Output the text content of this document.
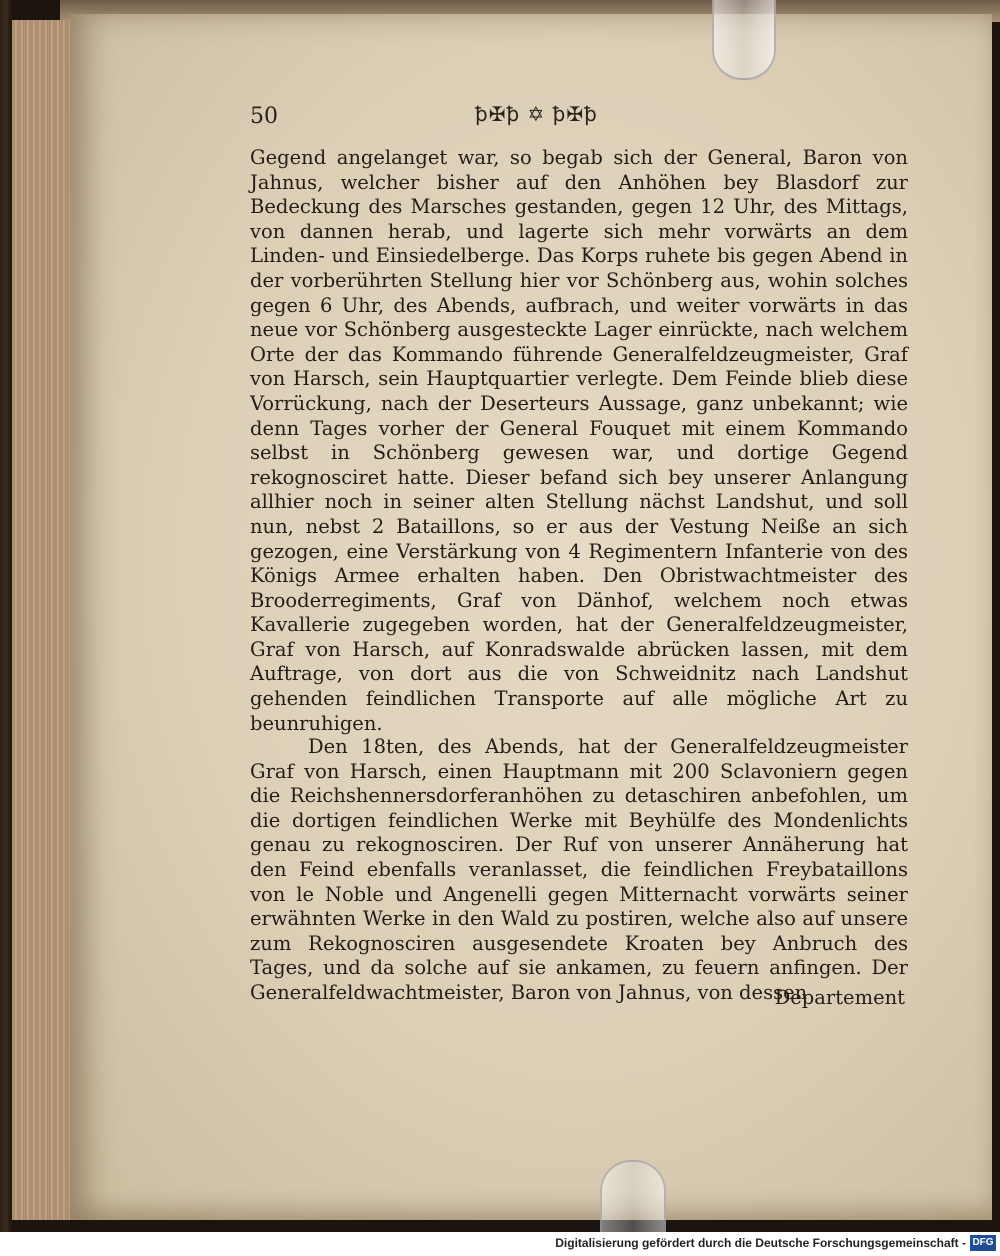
50	ꝥ✠ꝥ ✡ ꝥ✠ꝥ
Gegend angelanget war, so begab sich der General, Baron von Jahnus, welcher bisher auf den Anhöhen bey Blasdorf zur Bedeckung des Marsches gestanden, gegen 12 Uhr, des Mittags, von dannen herab, und lagerte sich mehr vorwärts an dem Linden- und Einsiedelberge. Das Korps ruhete bis gegen Abend in der vorberührten Stellung hier vor Schönberg aus, wohin solches gegen 6 Uhr, des Abends, aufbrach, und weiter vorwärts in das neue vor Schönberg ausgesteckte Lager einrückte, nach welchem Orte der das Kommando führende Generalfeldzeugmeister, Graf von Harsch, sein Hauptquartier verlegte. Dem Feinde blieb diese Vorrückung, nach der Deserteurs Aussage, ganz unbekannt; wie denn Tages vorher der General Fouquet mit einem Kommando selbst in Schönberg gewesen war, und dortige Gegend rekognosciret hatte. Dieser befand sich bey unserer Anlangung allhier noch in seiner alten Stellung nächst Landshut, und soll nun, nebst 2 Bataillons, so er aus der Vestung Neiße an sich gezogen, eine Verstärkung von 4 Regimentern Infanterie von des Königs Armee erhalten haben. Den Obristwachtmeister des Brooderregiments, Graf von Dänhof, welchem noch etwas Kavallerie zugegeben worden, hat der Generalfeldzeugmeister, Graf von Harsch, auf Konradswalde abrücken lassen, mit dem Auftrage, von dort aus die von Schweidnitz nach Landshut gehenden feindlichen Transporte auf alle mögliche Art zu beunruhigen.
Den 18ten, des Abends, hat der Generalfeldzeugmeister Graf von Harsch, einen Hauptmann mit 200 Sclavoniern gegen die Reichshennersdorferanhöhen zu detaschiren anbefohlen, um die dortigen feindlichen Werke mit Beyhülfe des Mondenlichts genau zu rekognosciren. Der Ruf von unserer Annäherung hat den Feind ebenfalls veranlasset, die feindlichen Freybataillons von le Noble und Angenelli gegen Mitternacht vorwärts seiner erwähnten Werke in den Wald zu postiren, welche also auf unsere zum Rekognosciren ausgesendete Kroaten bey Anbruch des Tages, und da solche auf sie ankamen, zu feuern anfingen. Der Generalfeldwachtmeister, Baron von Jahnus, von dessen
Departement
Digitalisierung gefördert durch die Deutsche Forschungsgemeinschaft - DFG
